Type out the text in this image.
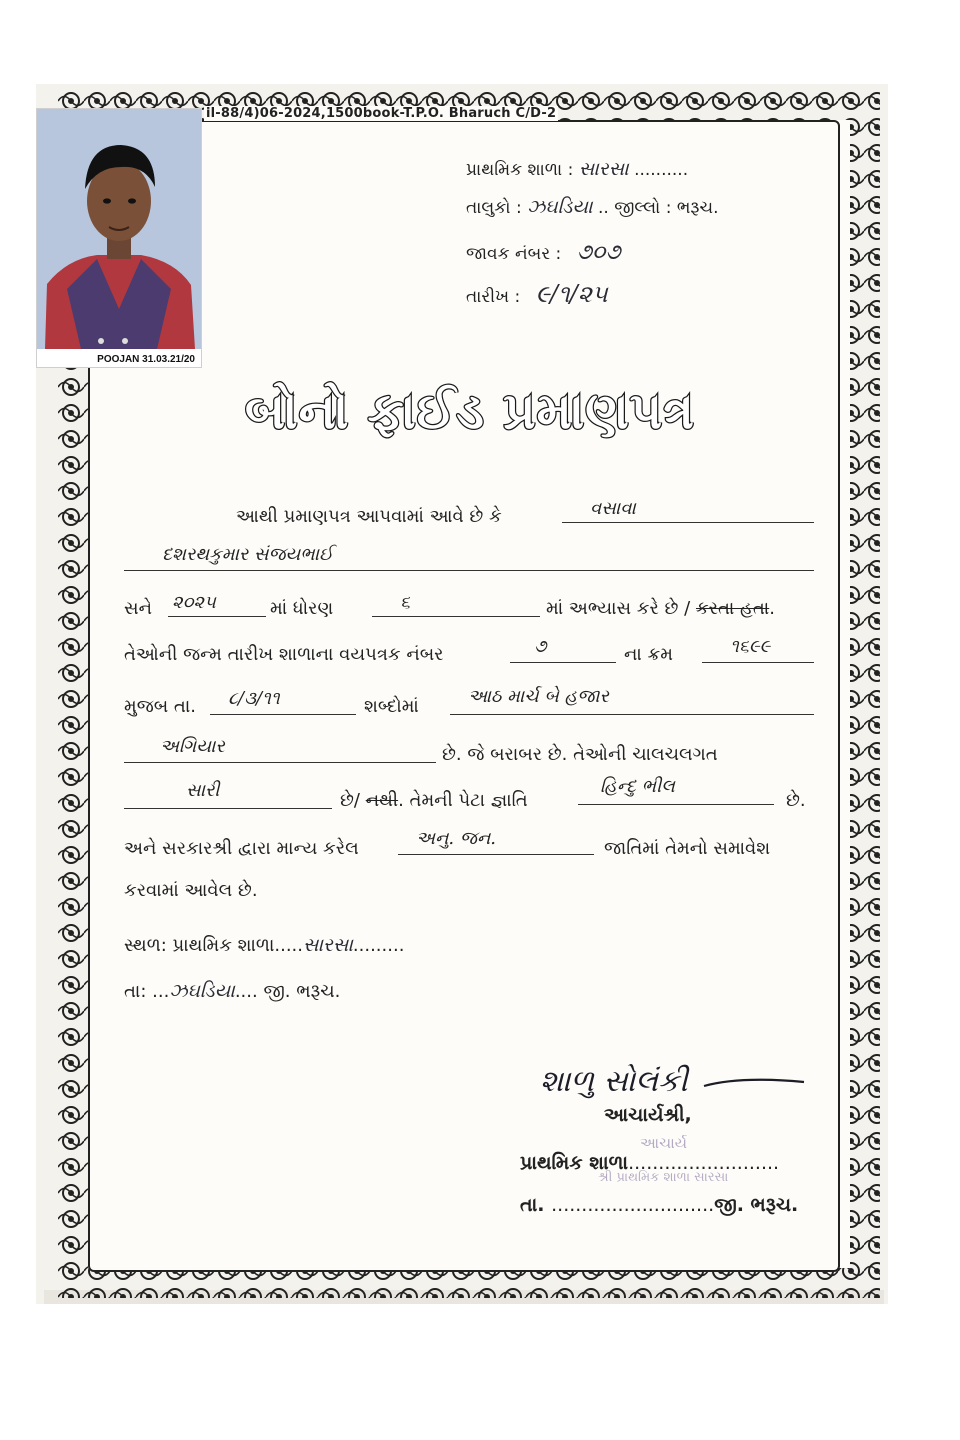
il-88/4)06-2024,1500book-T.P.O. Bharuch C/D-2
POOJAN 31.03.21/20
પ્રાથમિક શાળા : સારસા ..........
તાલુકો : ઝઘડિયા .. જીલ્લો : ભરૂચ.
જાવક નંબર : ૭૦૭
તારીખ : ૯/૧/૨૫
બોનો ફાઈડ પ્રમાણપત્ર
આથી પ્રમાણપત્ર આપવામાં આવે છે કે	વસાવા
દશરથકુમાર સંજયભાઈ
સને ૨૦૨૫	માં ધોરણ	૬	માં અભ્યાસ કરે છે / કરતા હતા.
તેઓની જન્મ તારીખ શાળાના વયપત્રક નંબર	૭	ના ક્રમ	૧૬૯૯
મુજબ તા. ૮/૩/૧૧	શબ્દોમાં	આઠ માર્ચ બે હજાર
અગિયાર	છે. જે બરાબર છે. તેઓની ચાલચલગત
સારી	છે/ નથી. તેમની પેટા જ્ઞાતિ
હિન્દુ ભીલ
છે.
અને સરકારશ્રી દ્વારા માન્ય કરેલ	અનુ. જન.	જાતિમાં તેમનો સમાવેશ
કરવામાં આવેલ છે.
સ્થળ: પ્રાથમિક શાળા.....સારસા.........
તા: ...ઝઘડિયા.... જી. ભરૂચ.
શાળુ સોલંકી
આચાર્યશ્રી,
આચાર્ય
શ્રી પ્રાથમિક શાળા સારસા
પ્રાથમિક શાળા.........................
તા. ...........................જી. ભરૂચ.
